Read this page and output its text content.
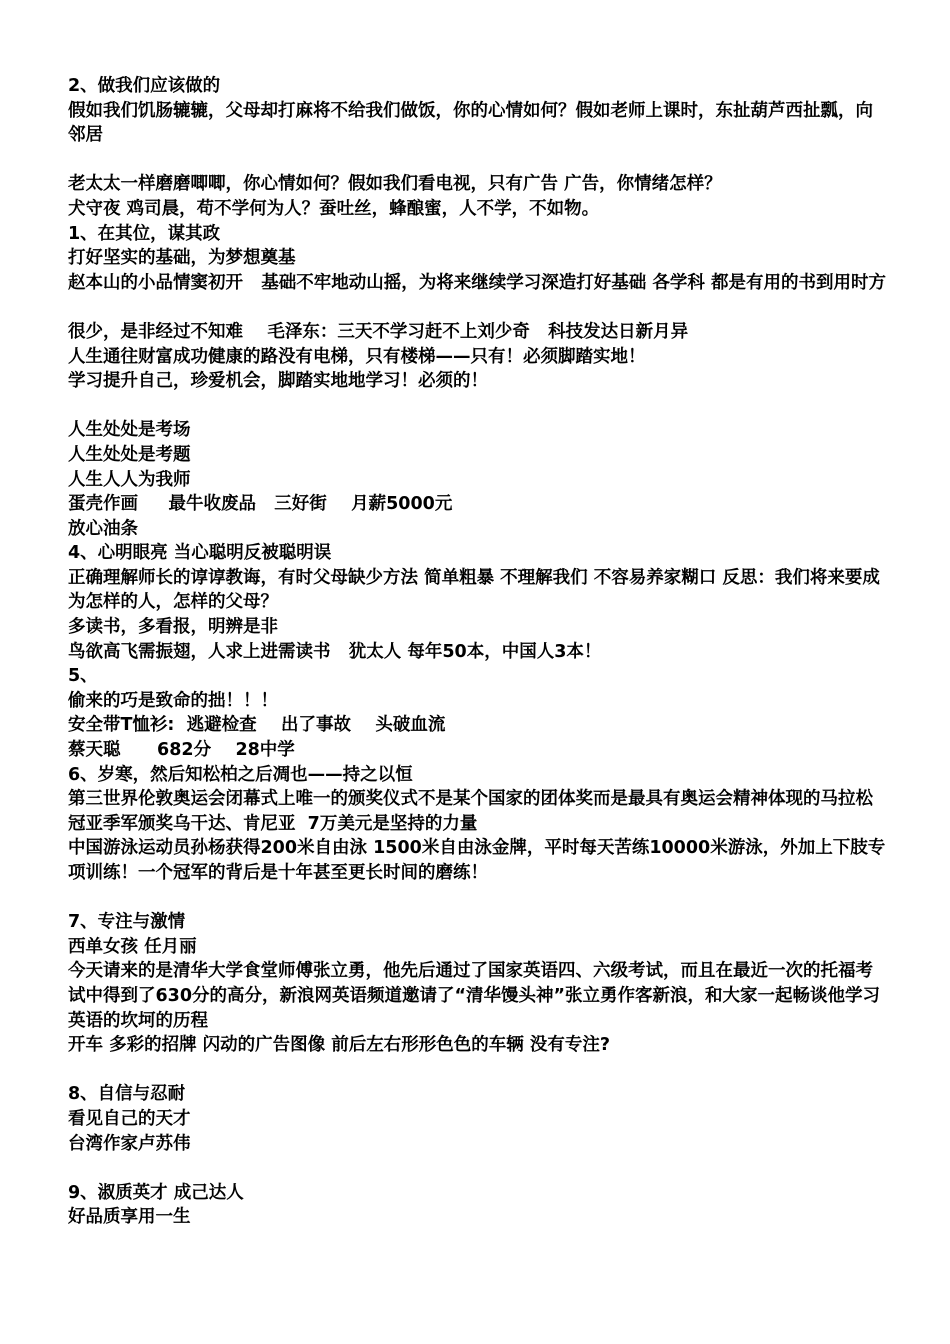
2、做我们应该做的
假如我们饥肠辘辘，父母却打麻将不给我们做饭，你的心情如何？假如老师上课时，东扯葫芦西扯瓢，向邻居
老太太一样磨磨唧唧，你心情如何？假如我们看电视，只有广告 广告，你情绪怎样？
犬守夜 鸡司晨，苟不学何为人？蚕吐丝，蜂酿蜜，人不学，不如物。
1、在其位，谋其政
打好坚实的基础，为梦想奠基
赵本山的小品情窦初开   基础不牢地动山摇，为将来继续学习深造打好基础 各学科 都是有用的书到用时方
很少，是非经过不知难    毛泽东：三天不学习赶不上刘少奇   科技发达日新月异
人生通往财富成功健康的路没有电梯，只有楼梯——只有！必须脚踏实地！
学习提升自己，珍爱机会，脚踏实地地学习！必须的！
人生处处是考场
人生处处是考题
人生人人为我师
蛋壳作画     最牛收废品   三好街    月薪5000元
放心油条
4、心明眼亮 当心聪明反被聪明误
正确理解师长的谆谆教诲，有时父母缺少方法 简单粗暴 不理解我们 不容易养家糊口 反思：我们将来要成为怎样的人，怎样的父母？
多读书，多看报，明辨是非
鸟欲高飞需振翅，人求上进需读书   犹太人 每年50本，中国人3本！
5、
偷来的巧是致命的拙！！！
安全带T恤衫:  逃避检查    出了事故    头破血流
蔡天聪      682分    28中学
6、岁寒，然后知松柏之后凋也——持之以恒
第三世界伦敦奥运会闭幕式上唯一的颁奖仪式不是某个国家的团体奖而是最具有奥运会精神体现的马拉松冠亚季军颁奖乌干达、肯尼亚  7万美元是坚持的力量
中国游泳运动员孙杨获得200米自由泳 1500米自由泳金牌，平时每天苦练10000米游泳，外加上下肢专项训练！一个冠军的背后是十年甚至更长时间的磨练！
7、专注与激情
西单女孩 任月丽
今天请来的是清华大学食堂师傅张立勇，他先后通过了国家英语四、六级考试，而且在最近一次的托福考试中得到了630分的高分，新浪网英语频道邀请了“清华馒头神”张立勇作客新浪，和大家一起畅谈他学习英语的坎坷的历程
开车 多彩的招牌 闪动的广告图像 前后左右形形色色的车辆 没有专注?
8、自信与忍耐
看见自己的天才
台湾作家卢苏伟
9、淑质英才 成己达人
好品质享用一生
